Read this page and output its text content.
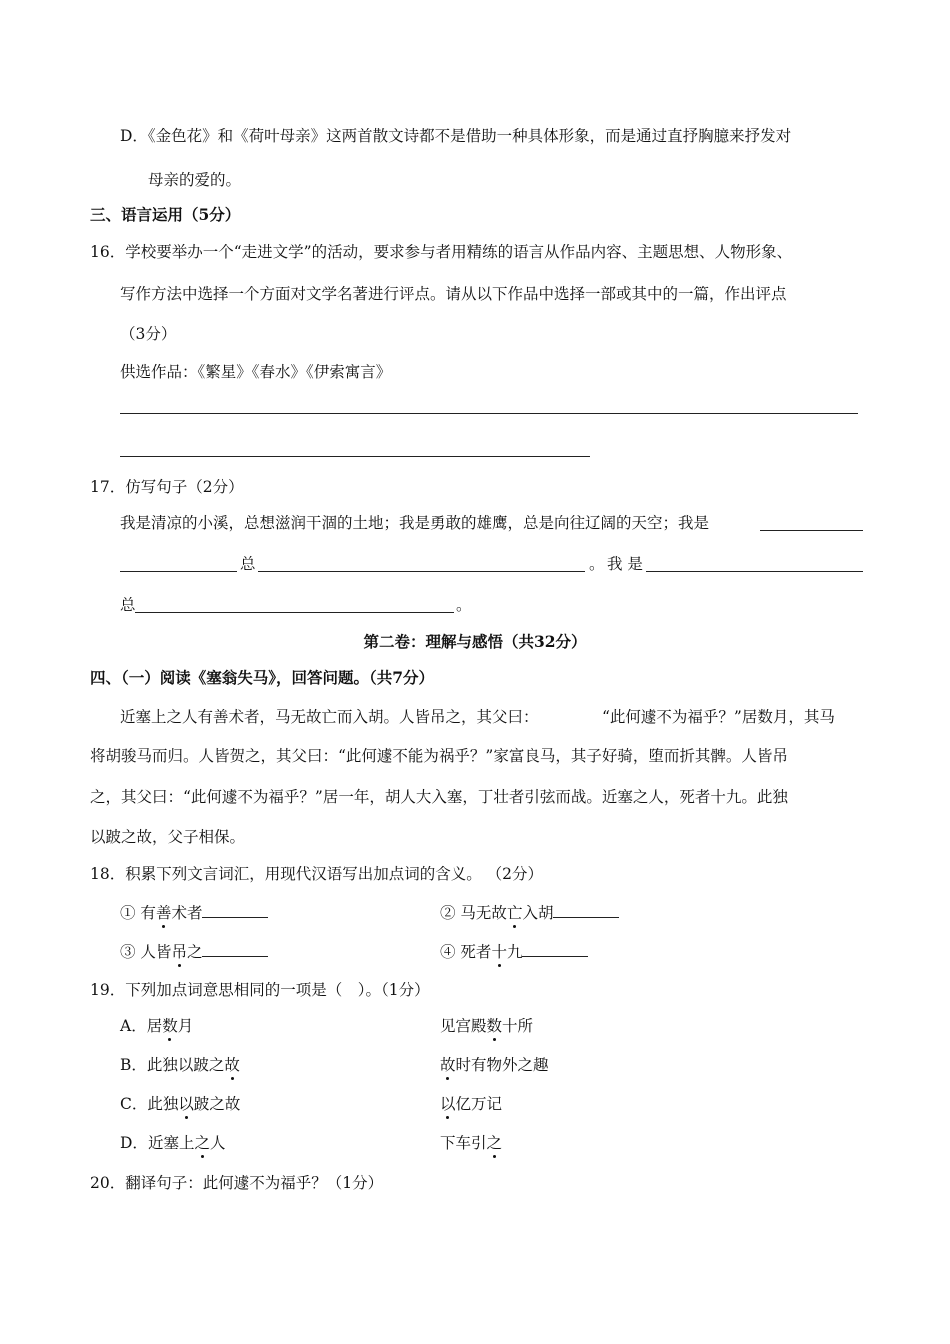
D．《金色花》和《荷叶母亲》这两首散文诗都不是借助一种具体形象，而是通过直抒胸臆来抒发对
母亲的爱的。
三、语言运用（5分）
16．学校要举办一个“走进文学”的活动，要求参与者用精练的语言从作品内容、主题思想、人物形象、
写作方法中选择一个方面对文学名著进行评点。请从以下作品中选择一部或其中的一篇，作出评点
（3分）
供选作品：《繁星》《春水》《伊索寓言》
17．仿写句子（2分）
我是清凉的小溪，总想滋润干涸的土地；我是勇敢的雄鹰，总是向往辽阔的天空；我是
总	。 我 是
总	。
第二卷：理解与感悟（共32分）
四、（一）阅读《塞翁失马》，回答问题。（共7分）
近塞上之人有善术者，马无故亡而入胡。人皆吊之，其父曰：	“此何遽不为福乎？”居数月，其马
将胡骏马而归。人皆贺之，其父曰：“此何遽不能为祸乎？”家富良马，其子好骑，堕而折其髀。人皆吊
之，其父曰：“此何遽不为福乎？”居一年，胡人大入塞，丁壮者引弦而战。近塞之人，死者十九。此独
以跛之故，父子相保。
18．积累下列文言词汇，用现代汉语写出加点词的含义。 （2分）
① 有善术者	② 马无故亡入胡
③ 人皆吊之	④ 死者十九
19．下列加点词意思相同的一项是（　）。（1分）
A．居数月	见宫殿数十所
B．此独以跛之故	故时有物外之趣
C．此独以跛之故	以亿万记
D．近塞上之人	下车引之
20．翻译句子：此何遽不为福乎？（1分）
